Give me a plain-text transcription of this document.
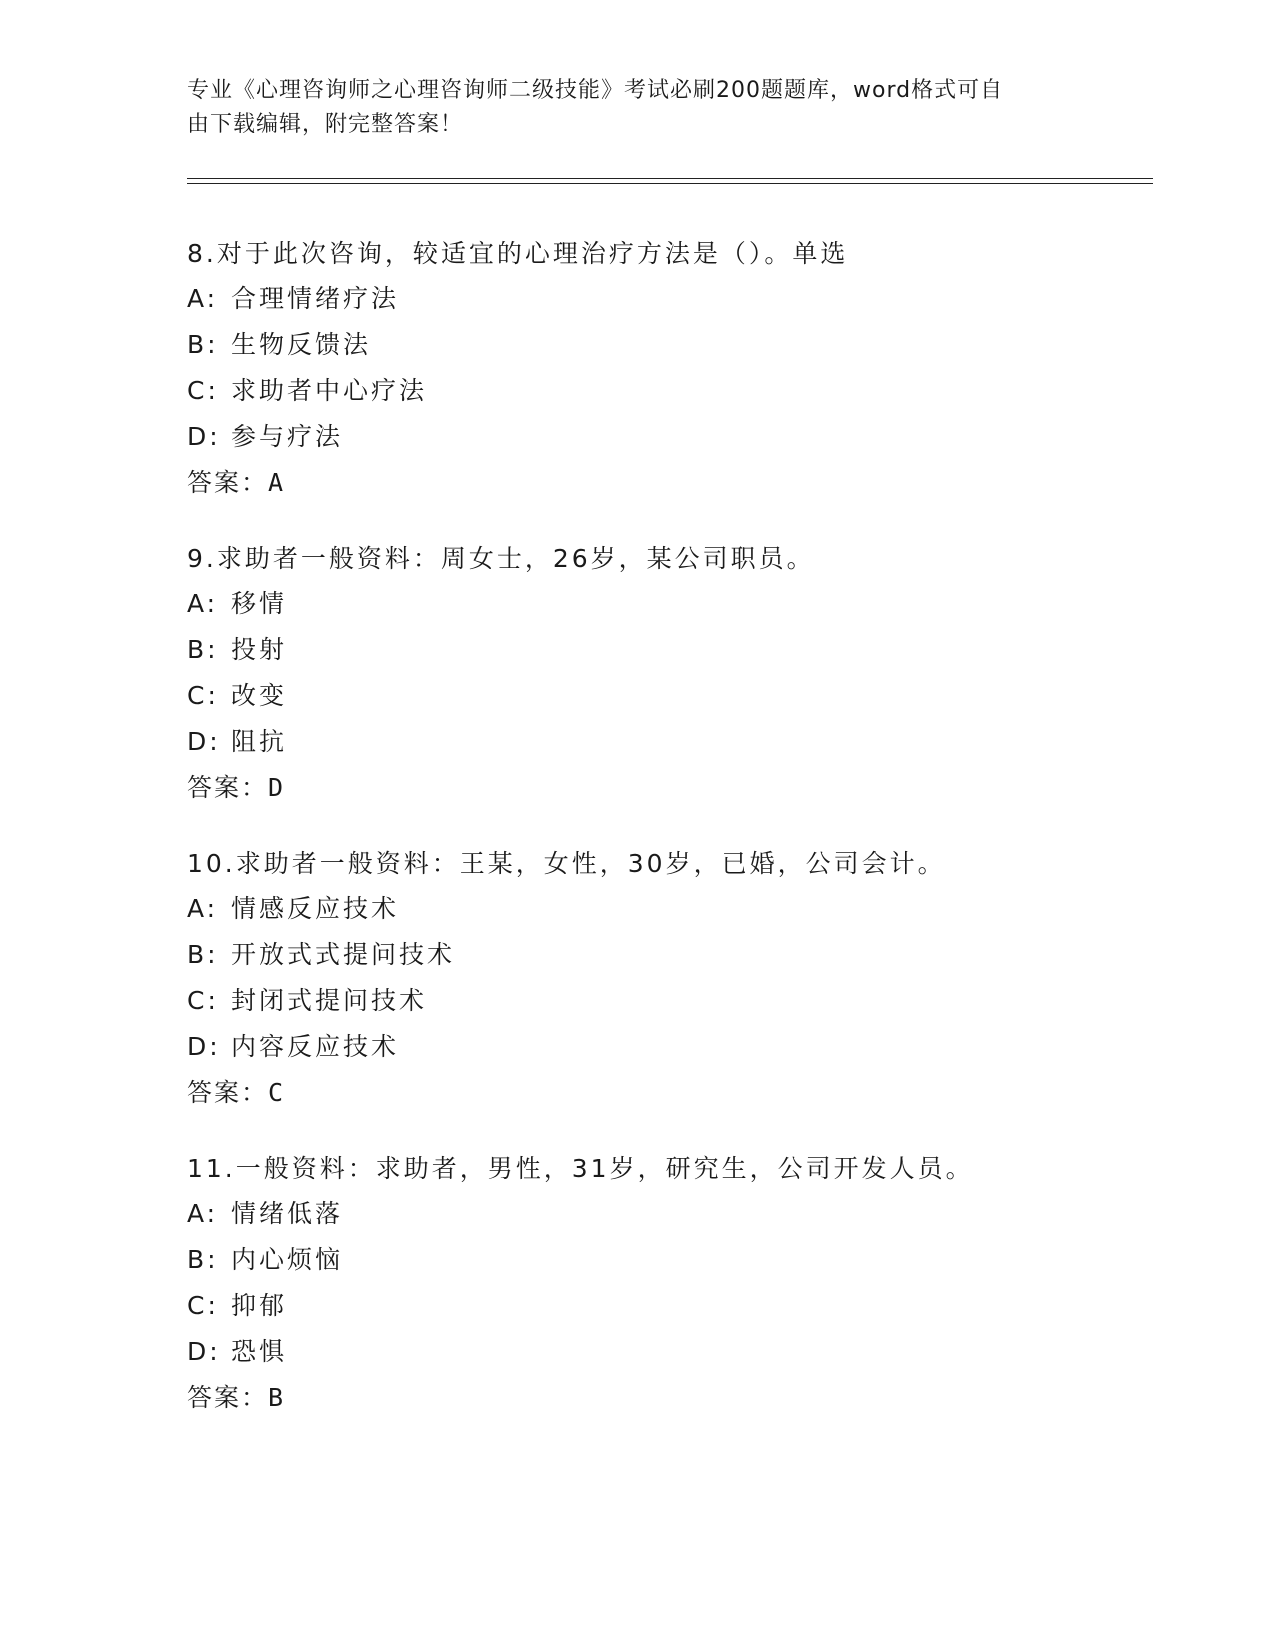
专业《心理咨询师之心理咨询师二级技能》考试必刷200题题库，word格式可自
由下载编辑，附完整答案！
8.对于此次咨询，较适宜的心理治疗方法是（）。单选
A: 合理情绪疗法
B: 生物反馈法
C: 求助者中心疗法
D: 参与疗法
答案：A
9.求助者一般资料：周女士，26岁，某公司职员。
A: 移情
B: 投射
C: 改变
D: 阻抗
答案：D
10.求助者一般资料：王某，女性，30岁，已婚，公司会计。
A: 情感反应技术
B: 开放式式提问技术
C: 封闭式提问技术
D: 内容反应技术
答案：C
11.一般资料：求助者，男性，31岁，研究生，公司开发人员。
A: 情绪低落
B: 内心烦恼
C: 抑郁
D: 恐惧
答案：B
